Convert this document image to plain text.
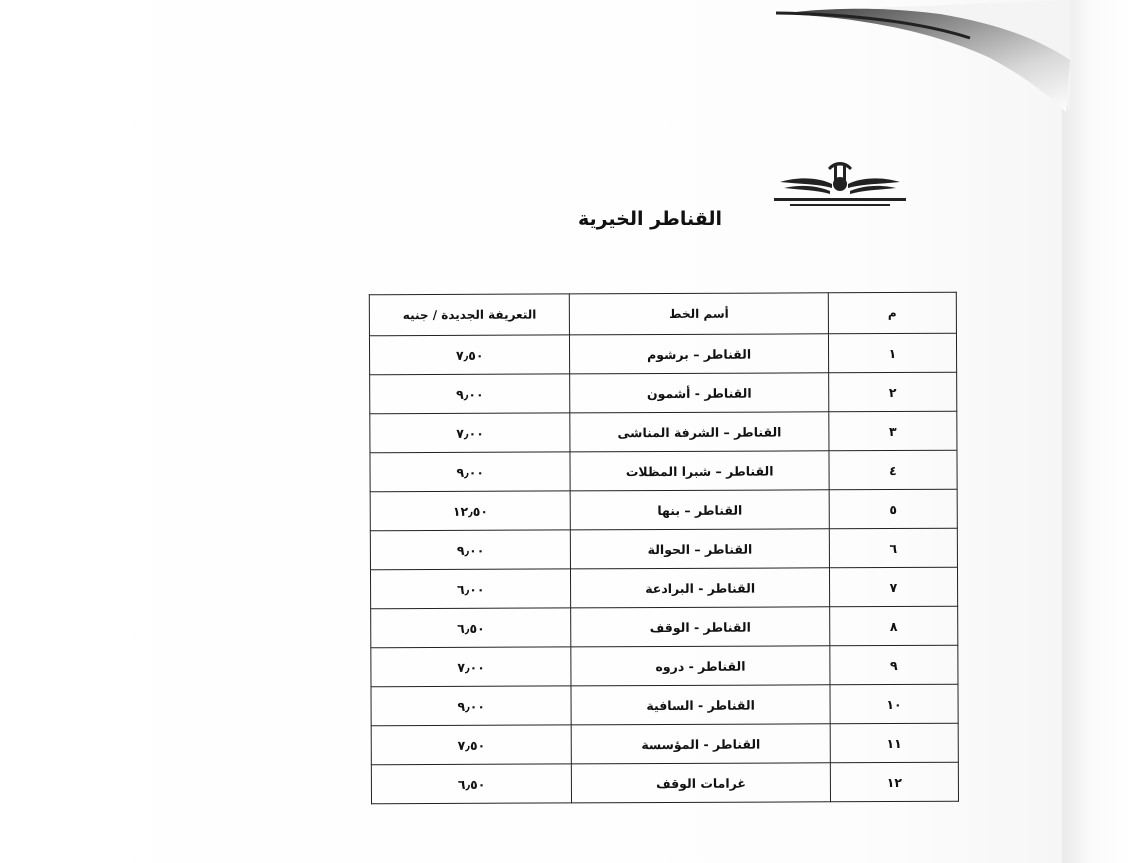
القناطر الخيرية
م	أسم الخط	التعريفة الجديدة / جنيه
١	القناطر – برشوم	٧٫٥٠
٢	القناطر - أشمون	٩٫٠٠
٣	القناطر – الشرفة المناشى	٧٫٠٠
٤	القناطر – شبرا المظلات	٩٫٠٠
٥	القناطر – بنها	١٢٫٥٠
٦	القناطر – الحوالة	٩٫٠٠
٧	القناطر - البرادعة	٦٫٠٠
٨	القناطر - الوقف	٦٫٥٠
٩	القناطر - دروه	٧٫٠٠
١٠	القناطر - السافية	٩٫٠٠
١١	القناطر - المؤسسة	٧٫٥٠
١٢	غرامات الوقف	٦٫٥٠
